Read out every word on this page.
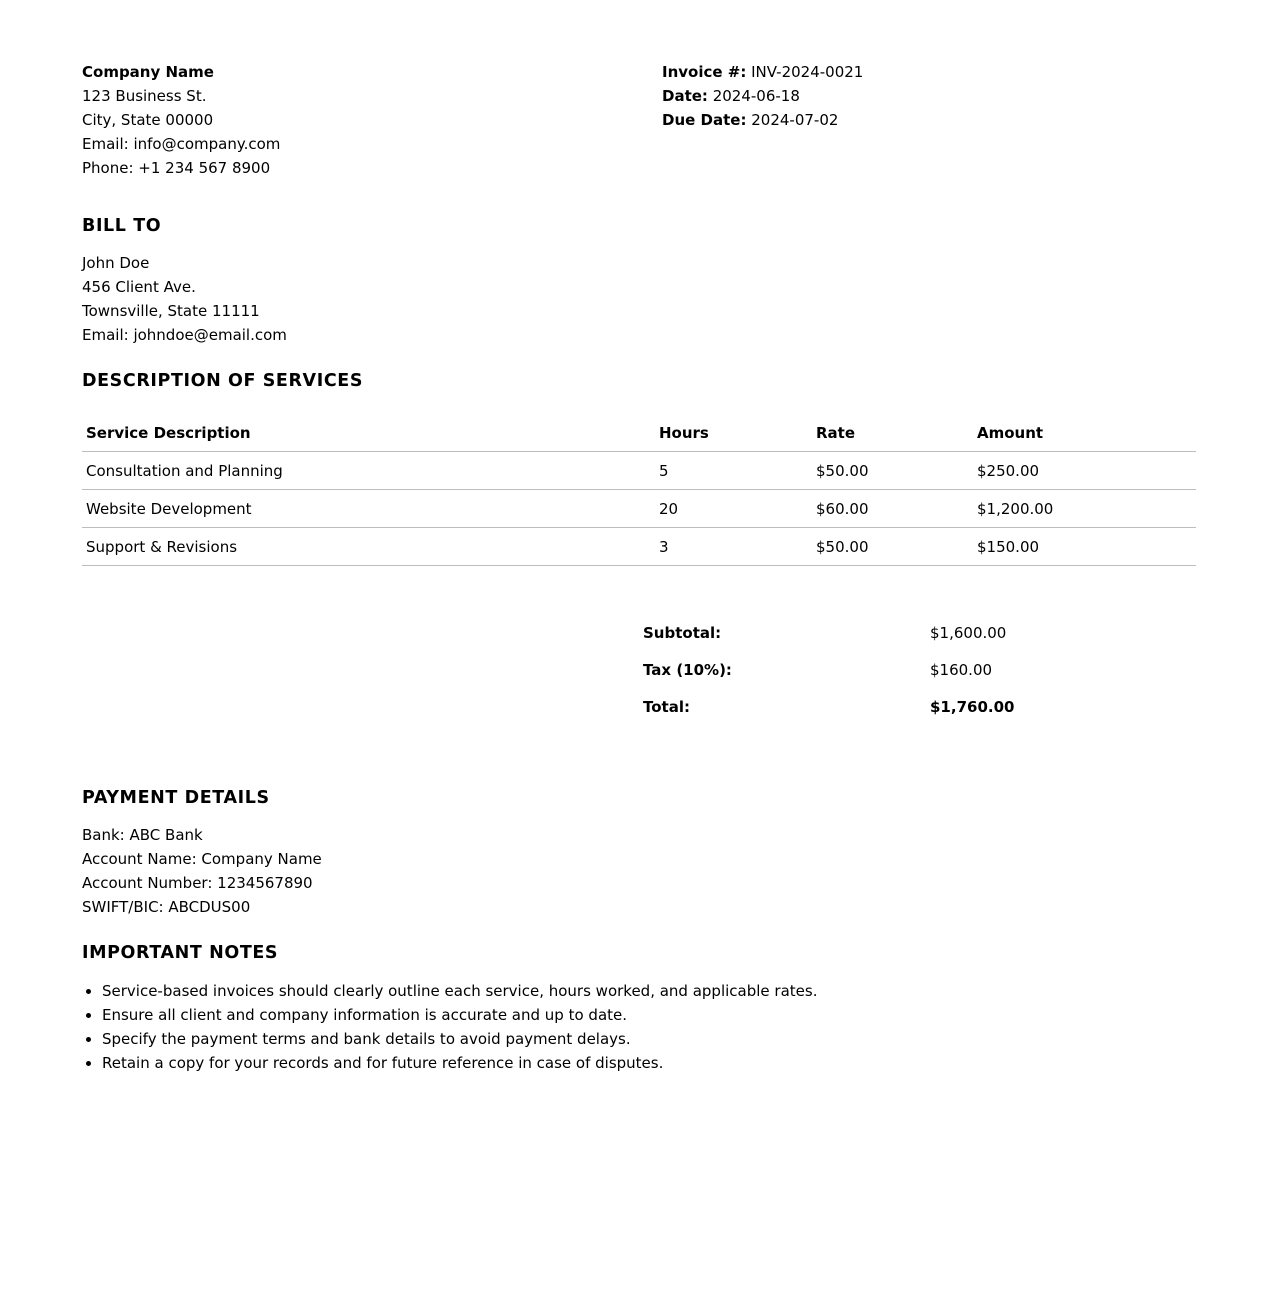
Company Name
123 Business St.
City, State 00000
Email: info@company.com
Phone: +1 234 567 8900
Invoice #: INV-2024-0021
Date: 2024-06-18
Due Date: 2024-07-02
BILL TO
John Doe
456 Client Ave.
Townsville, State 11111
Email: johndoe@email.com
DESCRIPTION OF SERVICES
Service Description	Hours	Rate	Amount
Consultation and Planning	5	$50.00	$250.00
Website Development	20	$60.00	$1,200.00
Support & Revisions	3	$50.00	$150.00
Subtotal:	$1,600.00
Tax (10%):	$160.00
Total:	$1,760.00
PAYMENT DETAILS
Bank: ABC Bank
Account Name: Company Name
Account Number: 1234567890
SWIFT/BIC: ABCDUS00
IMPORTANT NOTES
• Service-based invoices should clearly outline each service, hours worked, and applicable rates.
• Ensure all client and company information is accurate and up to date.
• Specify the payment terms and bank details to avoid payment delays.
• Retain a copy for your records and for future reference in case of disputes.
